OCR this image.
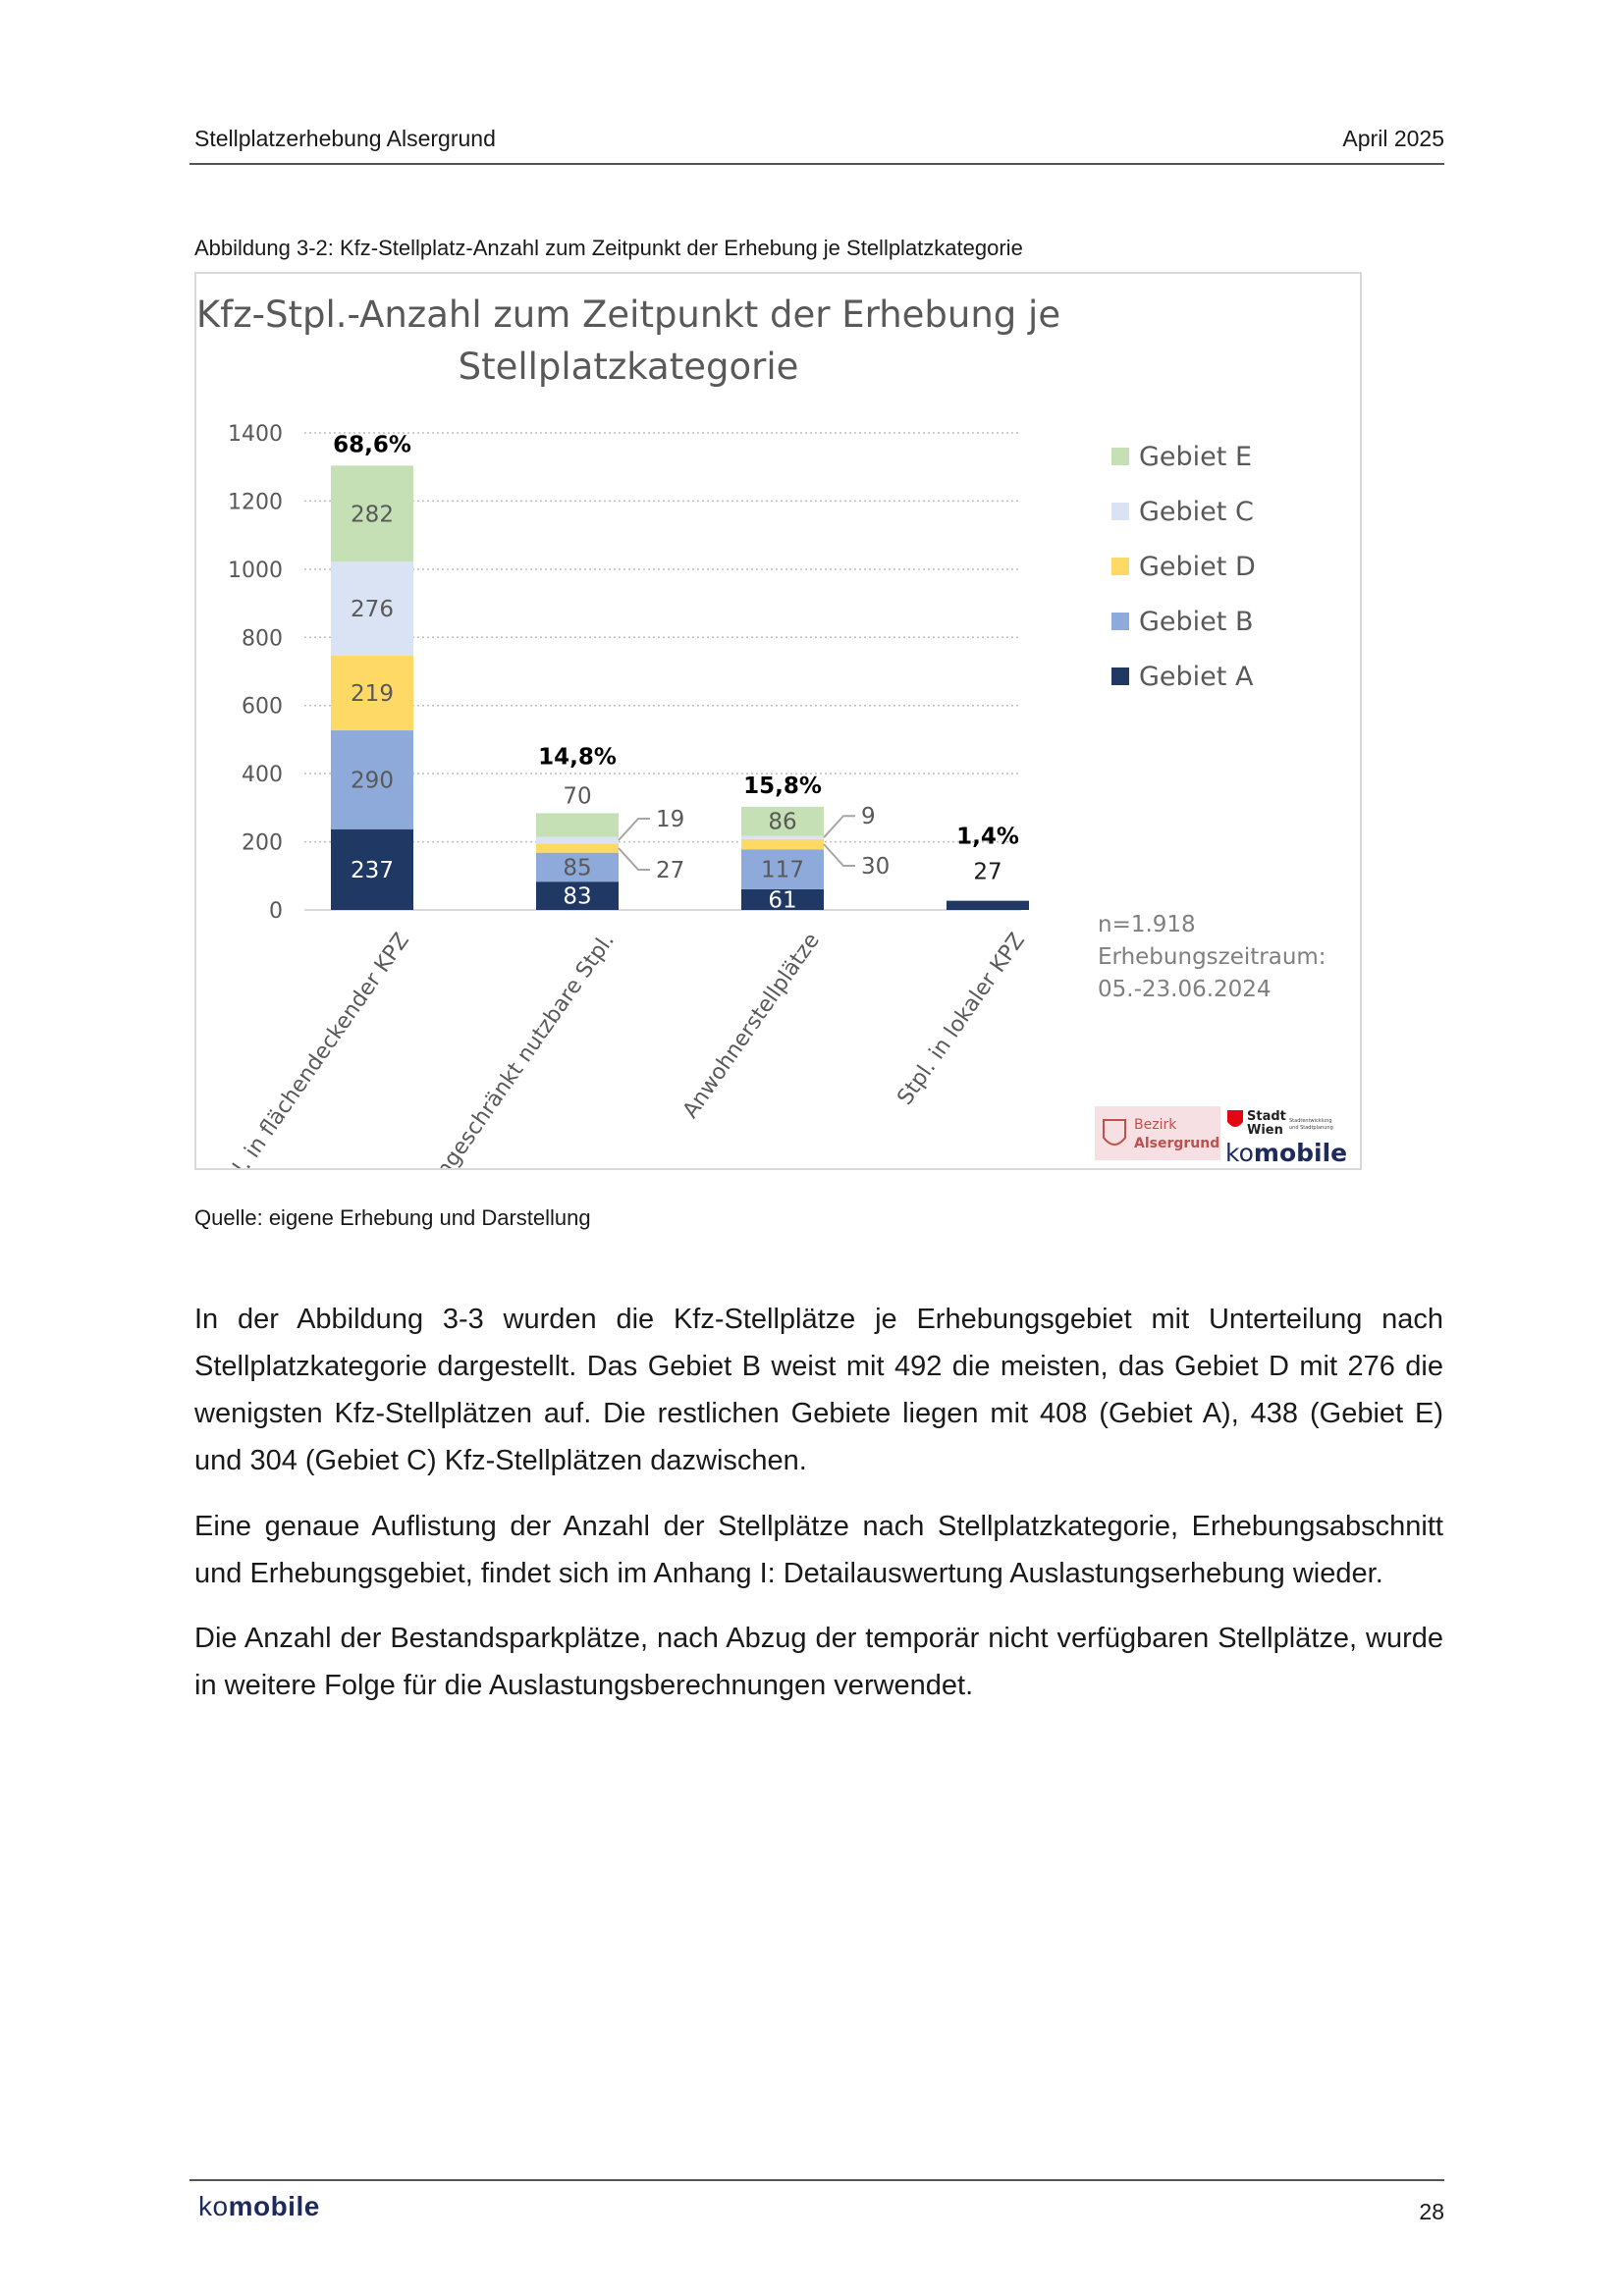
Stellplatzerhebung Alsergrund	April 2025
Abbildung 3-2: Kfz-Stellplatz-Anzahl zum Zeitpunkt der Erhebung je Stellplatzkategorie
Kfz-Stpl.-Anzahl zum Zeitpunkt der Erhebung je
Stellplatzkategorie
0
200
400
600
800
1000
1200
1400
237
290
219
276
282
83
85
70
61
117
86
27
68,6%
14,8%
15,8%
1,4%
19
27
9
30
Gebiet E
Gebiet C
Gebiet D
Gebiet B
Gebiet A
Stpl. in flächendeckender KPZ eingeschränkt nutzbare Stpl.	Anwohnerstellplätze	Stpl. in lokaler KPZ
n=1.918
Erhebungszeitraum:
05.-23.06.2024
Bezirk
Alsergrund
Stadt
Wien
Stadtentwicklung
und Stadtplanung
komobile
Quelle: eigene Erhebung und Darstellung
In der Abbildung 3-3 wurden die Kfz-Stellplätze je Erhebungsgebiet mit Unterteilung nach Stellplatzkategorie dargestellt. Das Gebiet B weist mit 492 die meisten, das Gebiet D mit 276 die wenigsten Kfz-Stellplätzen auf. Die restlichen Gebiete liegen mit 408 (Gebiet A), 438 (Gebiet E) und 304 (Gebiet C) Kfz-Stellplätzen dazwischen.
Eine genaue Auflistung der Anzahl der Stellplätze nach Stellplatzkategorie, Erhebungsabschnitt und Erhebungsgebiet, findet sich im Anhang I: Detailauswertung Auslastungserhebung wieder.
Die Anzahl der Bestandsparkplätze, nach Abzug der temporär nicht verfügbaren Stellplätze, wurde in weitere Folge für die Auslastungsberechnungen verwendet.
komobile	28
